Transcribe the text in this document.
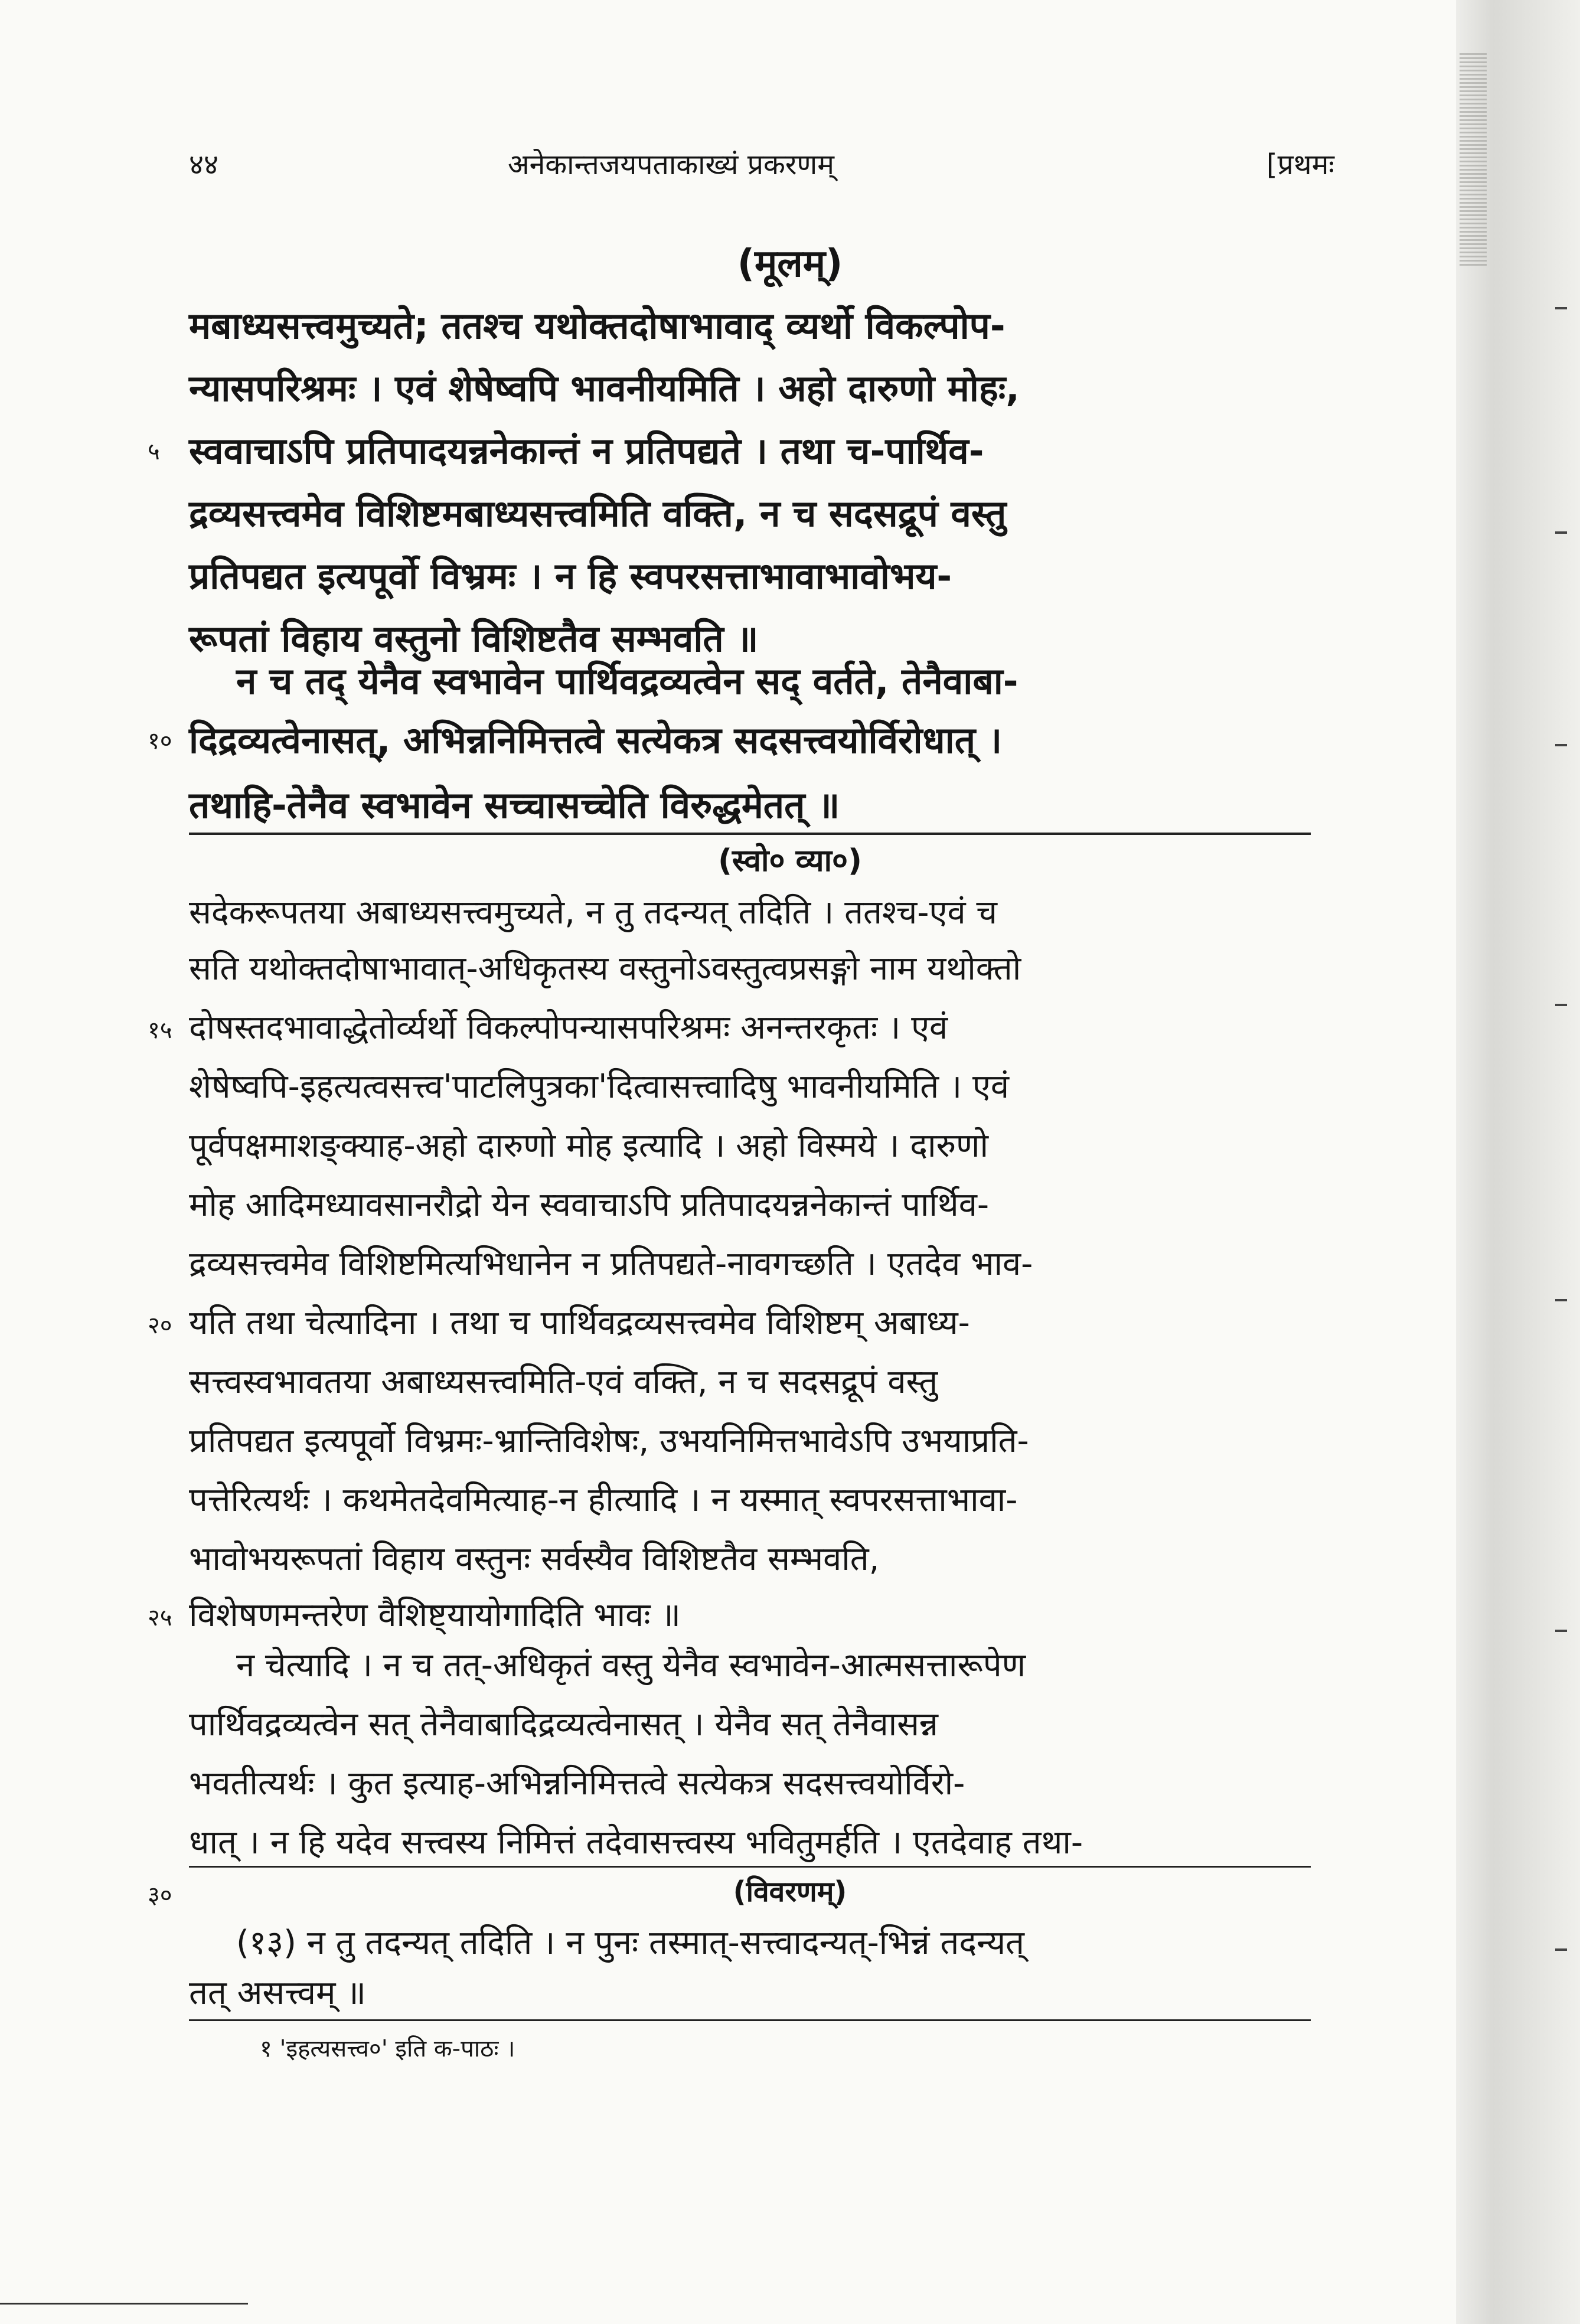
४४	अनेकान्तजयपताकाख्यं प्रकरणम्	[प्रथमः
(मूलम्)
मबाध्यसत्त्वमुच्यते; ततश्च यथोक्तदोषाभावाद् व्यर्थो विकल्पोप-
न्यासपरिश्रमः । एवं शेषेष्वपि भावनीयमिति । अहो दारुणो मोहः,
स्ववाचाऽपि प्रतिपादयन्ननेकान्तं न प्रतिपद्यते । तथा च-पार्थिव-
द्रव्यसत्त्वमेव विशिष्टमबाध्यसत्त्वमिति वक्ति, न च सदसद्रूपं वस्तु
प्रतिपद्यत इत्यपूर्वो विभ्रमः । न हि स्वपरसत्ताभावाभावोभय-
रूपतां विहाय वस्तुनो विशिष्टतैव सम्भवति ॥
न च तद् येनैव स्वभावेन पार्थिवद्रव्यत्वेन सद् वर्तते, तेनैवाबा-
दिद्रव्यत्वेनासत्, अभिन्ननिमित्तत्वे सत्येकत्र सदसत्त्वयोर्विरोधात् ।
तथाहि-तेनैव स्वभावेन सच्चासच्चेति विरुद्धमेतत् ॥
(स्वो० व्या०)
सदेकरूपतया अबाध्यसत्त्वमुच्यते, न तु तदन्यत् तदिति । ततश्च-एवं च
सति यथोक्तदोषाभावात्-अधिकृतस्य वस्तुनोऽवस्तुत्वप्रसङ्गो नाम यथोक्तो
दोषस्तदभावाद्धेतोर्व्यर्थो विकल्पोपन्यासपरिश्रमः अनन्तरकृतः । एवं
शेषेष्वपि-इहत्यत्वसत्त्व'पाटलिपुत्रका'दित्वासत्त्वादिषु भावनीयमिति । एवं
पूर्वपक्षमाशङ्क्याह-अहो दारुणो मोह इत्यादि । अहो विस्मये । दारुणो
मोह आदिमध्यावसानरौद्रो येन स्ववाचाऽपि प्रतिपादयन्ननेकान्तं पार्थिव-
द्रव्यसत्त्वमेव विशिष्टमित्यभिधानेन न प्रतिपद्यते-नावगच्छति । एतदेव भाव-
यति तथा चेत्यादिना । तथा च पार्थिवद्रव्यसत्त्वमेव विशिष्टम् अबाध्य-
सत्त्वस्वभावतया अबाध्यसत्त्वमिति-एवं वक्ति, न च सदसद्रूपं वस्तु
प्रतिपद्यत इत्यपूर्वो विभ्रमः-भ्रान्तिविशेषः, उभयनिमित्तभावेऽपि उभयाप्रति-
पत्तेरित्यर्थः । कथमेतदेवमित्याह-न हीत्यादि । न यस्मात् स्वपरसत्ताभावा-
भावोभयरूपतां विहाय वस्तुनः सर्वस्यैव विशिष्टतैव सम्भवति,
विशेषणमन्तरेण वैशिष्ट्यायोगादिति भावः ॥
न चेत्यादि । न च तत्-अधिकृतं वस्तु येनैव स्वभावेन-आत्मसत्तारूपेण
पार्थिवद्रव्यत्वेन सत् तेनैवाबादिद्रव्यत्वेनासत् । येनैव सत् तेनैवासन्न
भवतीत्यर्थः । कुत इत्याह-अभिन्ननिमित्तत्वे सत्येकत्र सदसत्त्वयोर्विरो-
धात् । न हि यदेव सत्त्वस्य निमित्तं तदेवासत्त्वस्य भवितुमर्हति । एतदेवाह तथा-
(विवरणम्)
(१३) न तु तदन्यत् तदिति । न पुनः तस्मात्-सत्त्वादन्यत्-भिन्नं तदन्यत्
तत् असत्त्वम् ॥
१ 'इहत्यसत्त्व०' इति क-पाठः ।
५
१०
१५
२०
२५
३०
